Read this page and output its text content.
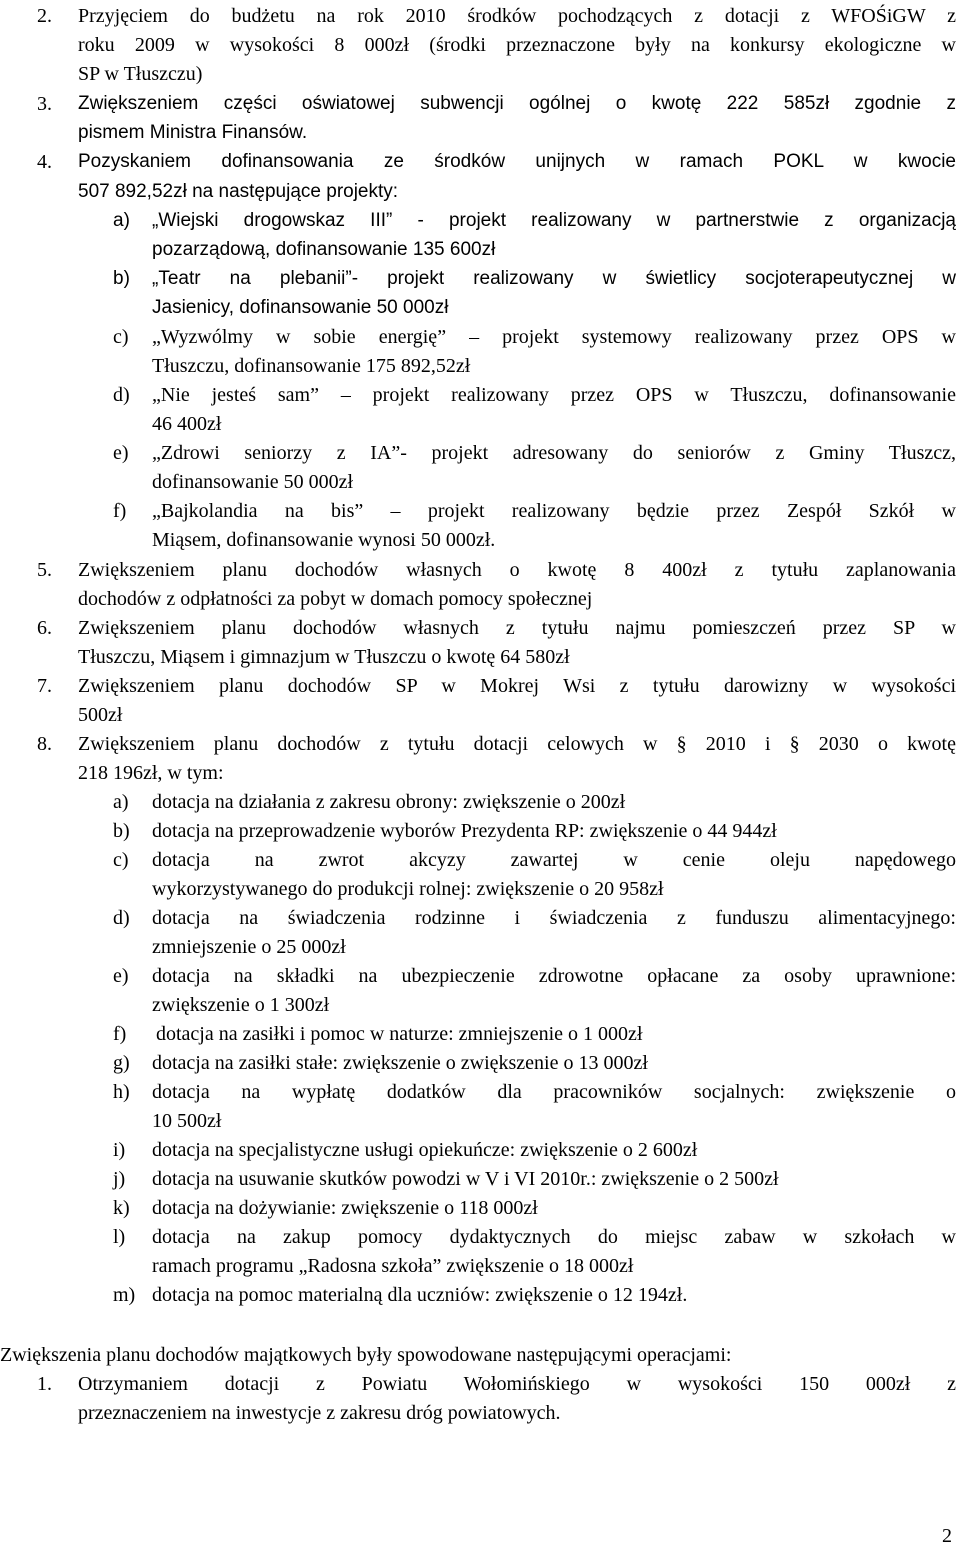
2. Przyjęciem do budżetu na rok 2010 środków pochodzących z dotacji z WFOŚiGW z
roku 2009 w wysokości 8 000zł (środki przeznaczone były na konkursy ekologiczne w
SP w Tłuszczu)
3. Zwiększeniem części oświatowej subwencji ogólnej o kwotę 222 585zł zgodnie z
pismem Ministra Finansów.
4. Pozyskaniem dofinansowania ze środków unijnych w ramach POKL w kwocie
507 892,52zł na następujące projekty:
a) „Wiejski drogowskaz III” - projekt realizowany w partnerstwie z organizacją
pozarządową, dofinansowanie 135 600zł
b) „Teatr na plebanii”- projekt realizowany w świetlicy socjoterapeutycznej w
Jasienicy, dofinansowanie 50 000zł
c) „Wyzwólmy w sobie energię” – projekt systemowy realizowany przez OPS w
Tłuszczu, dofinansowanie 175 892,52zł
d) „Nie jesteś sam” – projekt realizowany przez OPS w Tłuszczu, dofinansowanie
46 400zł
e) „Zdrowi seniorzy z IA”- projekt adresowany do seniorów z Gminy Tłuszcz,
dofinansowanie 50 000zł
f) „Bajkolandia na bis” – projekt realizowany będzie przez Zespół Szkół w
Miąsem, dofinansowanie wynosi 50 000zł.
5. Zwiększeniem planu dochodów własnych o kwotę 8 400zł z tytułu zaplanowania
dochodów z odpłatności za pobyt w domach pomocy społecznej
6. Zwiększeniem planu dochodów własnych z tytułu najmu pomieszczeń przez SP w
Tłuszczu, Miąsem i gimnazjum w Tłuszczu o kwotę 64 580zł
7. Zwiększeniem planu dochodów SP w Mokrej Wsi z tytułu darowizny w wysokości
500zł
8. Zwiększeniem planu dochodów z tytułu dotacji celowych w § 2010 i § 2030 o kwotę
218 196zł, w tym:
a) dotacja na działania z zakresu obrony: zwiększenie o 200zł
b) dotacja na przeprowadzenie wyborów Prezydenta RP: zwiększenie o 44 944zł
c) dotacja na zwrot akcyzy zawartej w cenie oleju napędowego
wykorzystywanego do produkcji rolnej: zwiększenie o 20 958zł
d) dotacja na świadczenia rodzinne i świadczenia z funduszu alimentacyjnego:
zmniejszenie o 25 000zł
e) dotacja na składki na ubezpieczenie zdrowotne opłacane za osoby uprawnione:
zwiększenie o 1 300zł
f) dotacja na zasiłki i pomoc w naturze: zmniejszenie o 1 000zł
g) dotacja na zasiłki stałe: zwiększenie o zwiększenie o 13 000zł
h) dotacja na wypłatę dodatków dla pracowników socjalnych: zwiększenie o
10 500zł
i) dotacja na specjalistyczne usługi opiekuńcze: zwiększenie o 2 600zł
j) dotacja na usuwanie skutków powodzi w V i VI 2010r.: zwiększenie o 2 500zł
k) dotacja na dożywianie: zwiększenie o 118 000zł
l) dotacja na zakup pomocy dydaktycznych do miejsc zabaw w szkołach w
ramach programu „Radosna szkoła” zwiększenie o 18 000zł
m) dotacja na pomoc materialną dla uczniów: zwiększenie o 12 194zł.
Zwiększenia planu dochodów majątkowych były spowodowane następującymi operacjami:
1. Otrzymaniem dotacji z Powiatu Wołomińskiego w wysokości 150 000zł z
przeznaczeniem na inwestycje z zakresu dróg powiatowych.
2
